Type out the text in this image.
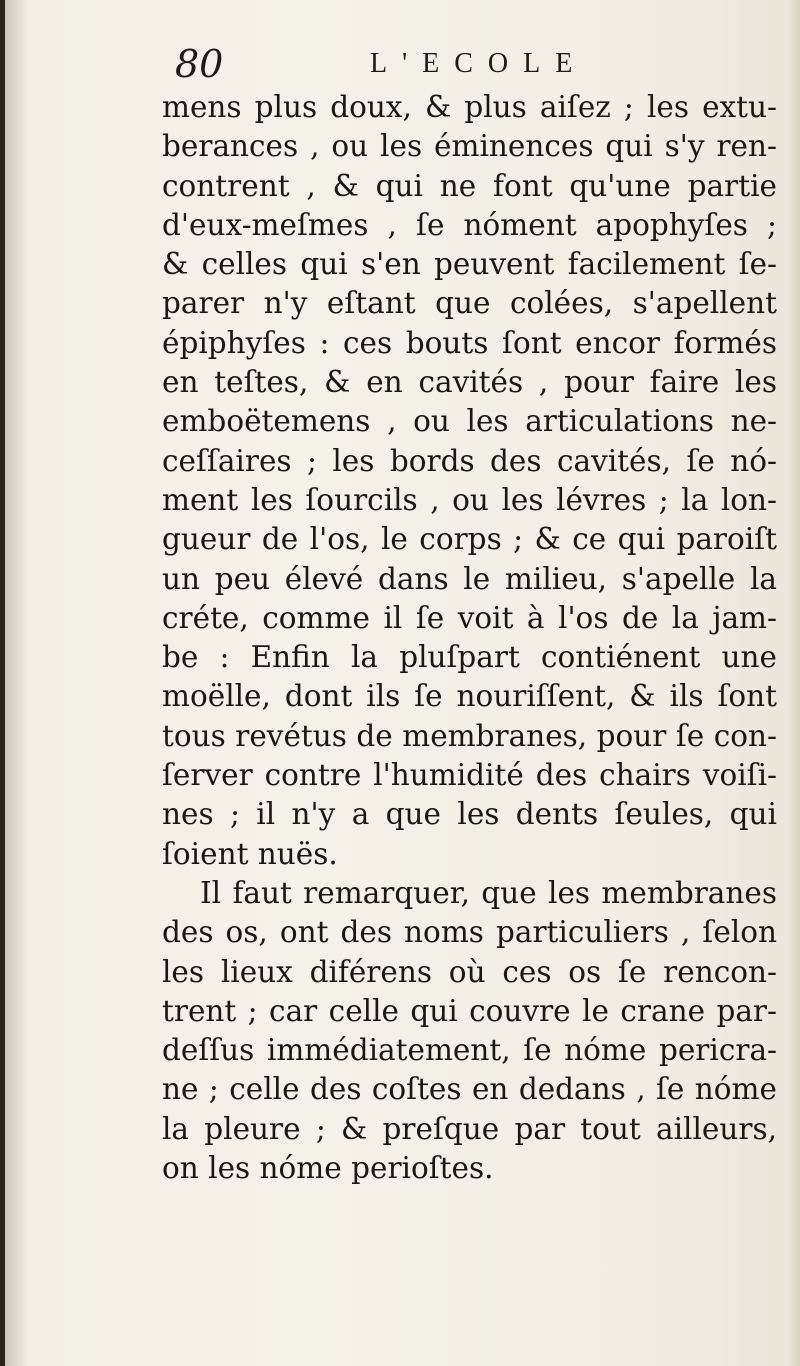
80	L'ECOLE
mens plus doux, & plus aiſez ; les extu-
berances , ou les éminences qui s'y ren-
contrent , & qui ne font qu'une partie
d'eux-meſmes , ſe nóment apophyſes ;
& celles qui s'en peuvent facilement ſe-
parer n'y eſtant que colées, s'apellent
épiphyſes : ces bouts ſont encor formés
en teſtes, & en cavités , pour faire les
emboëtemens , ou les articulations ne-
ceſſaires ; les bords des cavités, ſe nó-
ment les ſourcils , ou les lévres ; la lon-
gueur de l'os, le corps ; & ce qui paroiſt
un peu élevé dans le milieu, s'apelle la
créte, comme il ſe voit à l'os de la jam-
be : Enfin la pluſpart contiénent une
moëlle, dont ils ſe nouriſſent, & ils ſont
tous revétus de membranes, pour ſe con-
ſerver contre l'humidité des chairs voiſi-
nes ; il n'y a que les dents ſeules, qui
ſoient nuës.
Il faut remarquer, que les membranes
des os, ont des noms particuliers , ſelon
les lieux diférens où ces os ſe rencon-
trent ; car celle qui couvre le crane par-
deſſus immédiatement, ſe nóme pericra-
ne ; celle des coſtes en dedans , ſe nóme
la pleure ; & preſque par tout ailleurs,
on les nóme perioſtes.
